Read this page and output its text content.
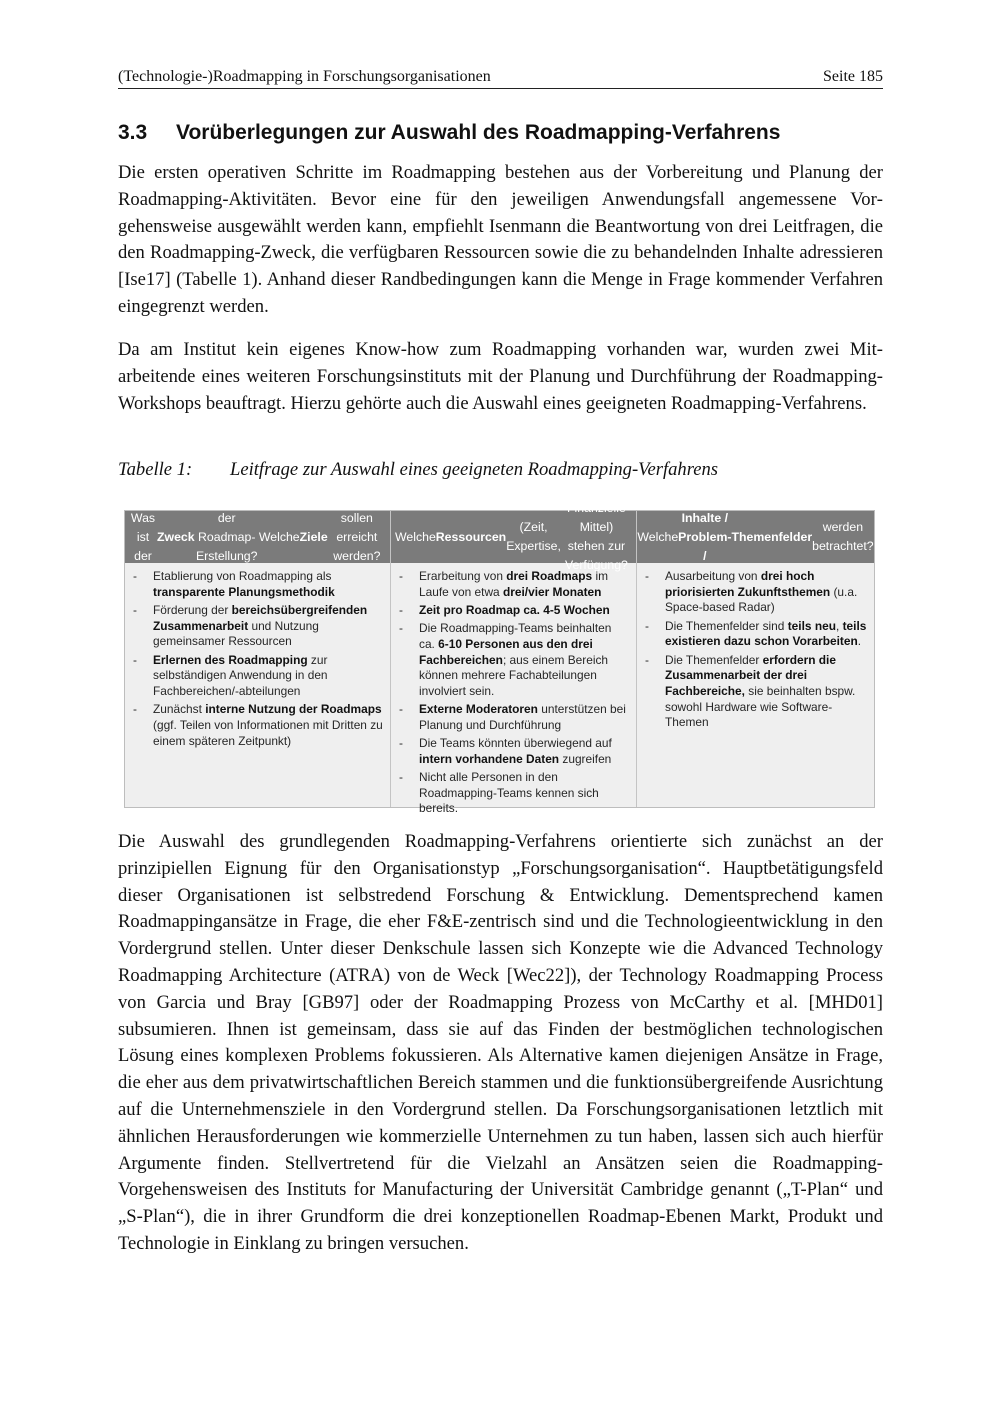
(Technologie-)Roadmapping in Forschungsorganisationen	Seite 185
3.3 Vorüberlegungen zur Auswahl des Roadmapping-Verfahrens
Die ersten operativen Schritte im Roadmapping bestehen aus der Vorbereitung und Planung der Roadmapping-Aktivitäten. Bevor eine für den jeweiligen Anwendungsfall angemessene Vorgehensweise ausgewählt werden kann, empfiehlt Isenmann die Beantwortung von drei Leitfragen, die den Roadmapping-Zweck, die verfügbaren Ressourcen sowie die zu behandelnden Inhalte adressieren [Ise17] (Tabelle 1). Anhand dieser Randbedingungen kann die Menge in Frage kommender Verfahren eingegrenzt werden.
Da am Institut kein eigenes Know-how zum Roadmapping vorhanden war, wurden zwei Mitarbeitende eines weiteren Forschungsinstituts mit der Planung und Durchführung der Roadmapping-Workshops beauftragt. Hierzu gehörte auch die Auswahl eines geeigneten Roadmapping-Verfahrens.
Tabelle 1: Leitfrage zur Auswahl eines geeigneten Roadmapping-Verfahrens
Was ist der
Zweck
der Roadmap-Erstellung?

Welche Ziele
sollen erreicht werden?
- Etablierung von Roadmapping als transparente Planungsmethodik
- Förderung der bereichsübergreifenden Zusammenarbeit und Nutzung gemeinsamer Ressourcen
- Erlernen des Roadmapping zur selbständigen Anwendung in den Fachbereichen/-abteilungen
- Zunächst interne Nutzung der Roadmaps (ggf. Teilen von Informationen mit Dritten zu einem späteren Zeitpunkt)
Welche Ressourcen
(Zeit, Expertise,

Finanzielle Mittel) stehen zur Verfügung?
- Erarbeitung von drei Roadmaps im Laufe von etwa drei/vier Monaten
- Zeit pro Roadmap ca. 4-5 Wochen
- Die Roadmapping-Teams beinhalten ca. 6-10 Personen aus den drei Fachbereichen; aus einem Bereich können mehrere Fachabteilungen involviert sein.
- Externe Moderatoren unterstützen bei Planung und Durchführung
- Die Teams könnten überwiegend auf intern vorhandene Daten zugreifen
- Nicht alle Personen in den Roadmapping-Teams kennen sich bereits.
Welche
Inhalte / Problem- /

Themenfelder
werden betrachtet?
- Ausarbeitung von drei hoch priorisierten Zukunftsthemen (u.a. Space-based Radar)
- Die Themenfelder sind teils neu, teils existieren dazu schon Vorarbeiten.
- Die Themenfelder erfordern die Zusammenarbeit der drei Fachbereiche, sie beinhalten bspw. sowohl Hardware wie Software-Themen
Die Auswahl des grundlegenden Roadmapping-Verfahrens orientierte sich zunächst an der prinzipiellen Eignung für den Organisationstyp „Forschungsorganisation“. Hauptbetätigungsfeld dieser Organisationen ist selbstredend Forschung & Entwicklung. Dementsprechend kamen Roadmappingansätze in Frage, die eher F&E-zentrisch sind und die Technologieentwicklung in den Vordergrund stellen. Unter dieser Denkschule lassen sich Konzepte wie die Advanced Technology Roadmapping Architecture (ATRA) von de Weck [Wec22]), der Technology Roadmapping Process von Garcia und Bray [GB97] oder der Roadmapping Prozess von McCarthy et al. [MHD01] subsumieren. Ihnen ist gemeinsam, dass sie auf das Finden der bestmöglichen technologischen Lösung eines komplexen Problems fokussieren. Als Alternative kamen diejenigen Ansätze in Frage, die eher aus dem privatwirtschaftlichen Bereich stammen und die funktionsübergreifende Ausrichtung auf die Unternehmensziele in den Vordergrund stellen. Da Forschungsorganisationen letztlich mit ähnlichen Herausforderungen wie kommerzielle Unternehmen zu tun haben, lassen sich auch hierfür Argumente finden. Stellvertretend für die Vielzahl an Ansätzen seien die Roadmapping-Vorgehensweisen des Instituts for Manufacturing der Universität Cambridge genannt („T-Plan“ und „S-Plan“), die in ihrer Grundform die drei konzeptionellen Roadmap-Ebenen Markt, Produkt und Technologie in Einklang zu bringen versuchen.
